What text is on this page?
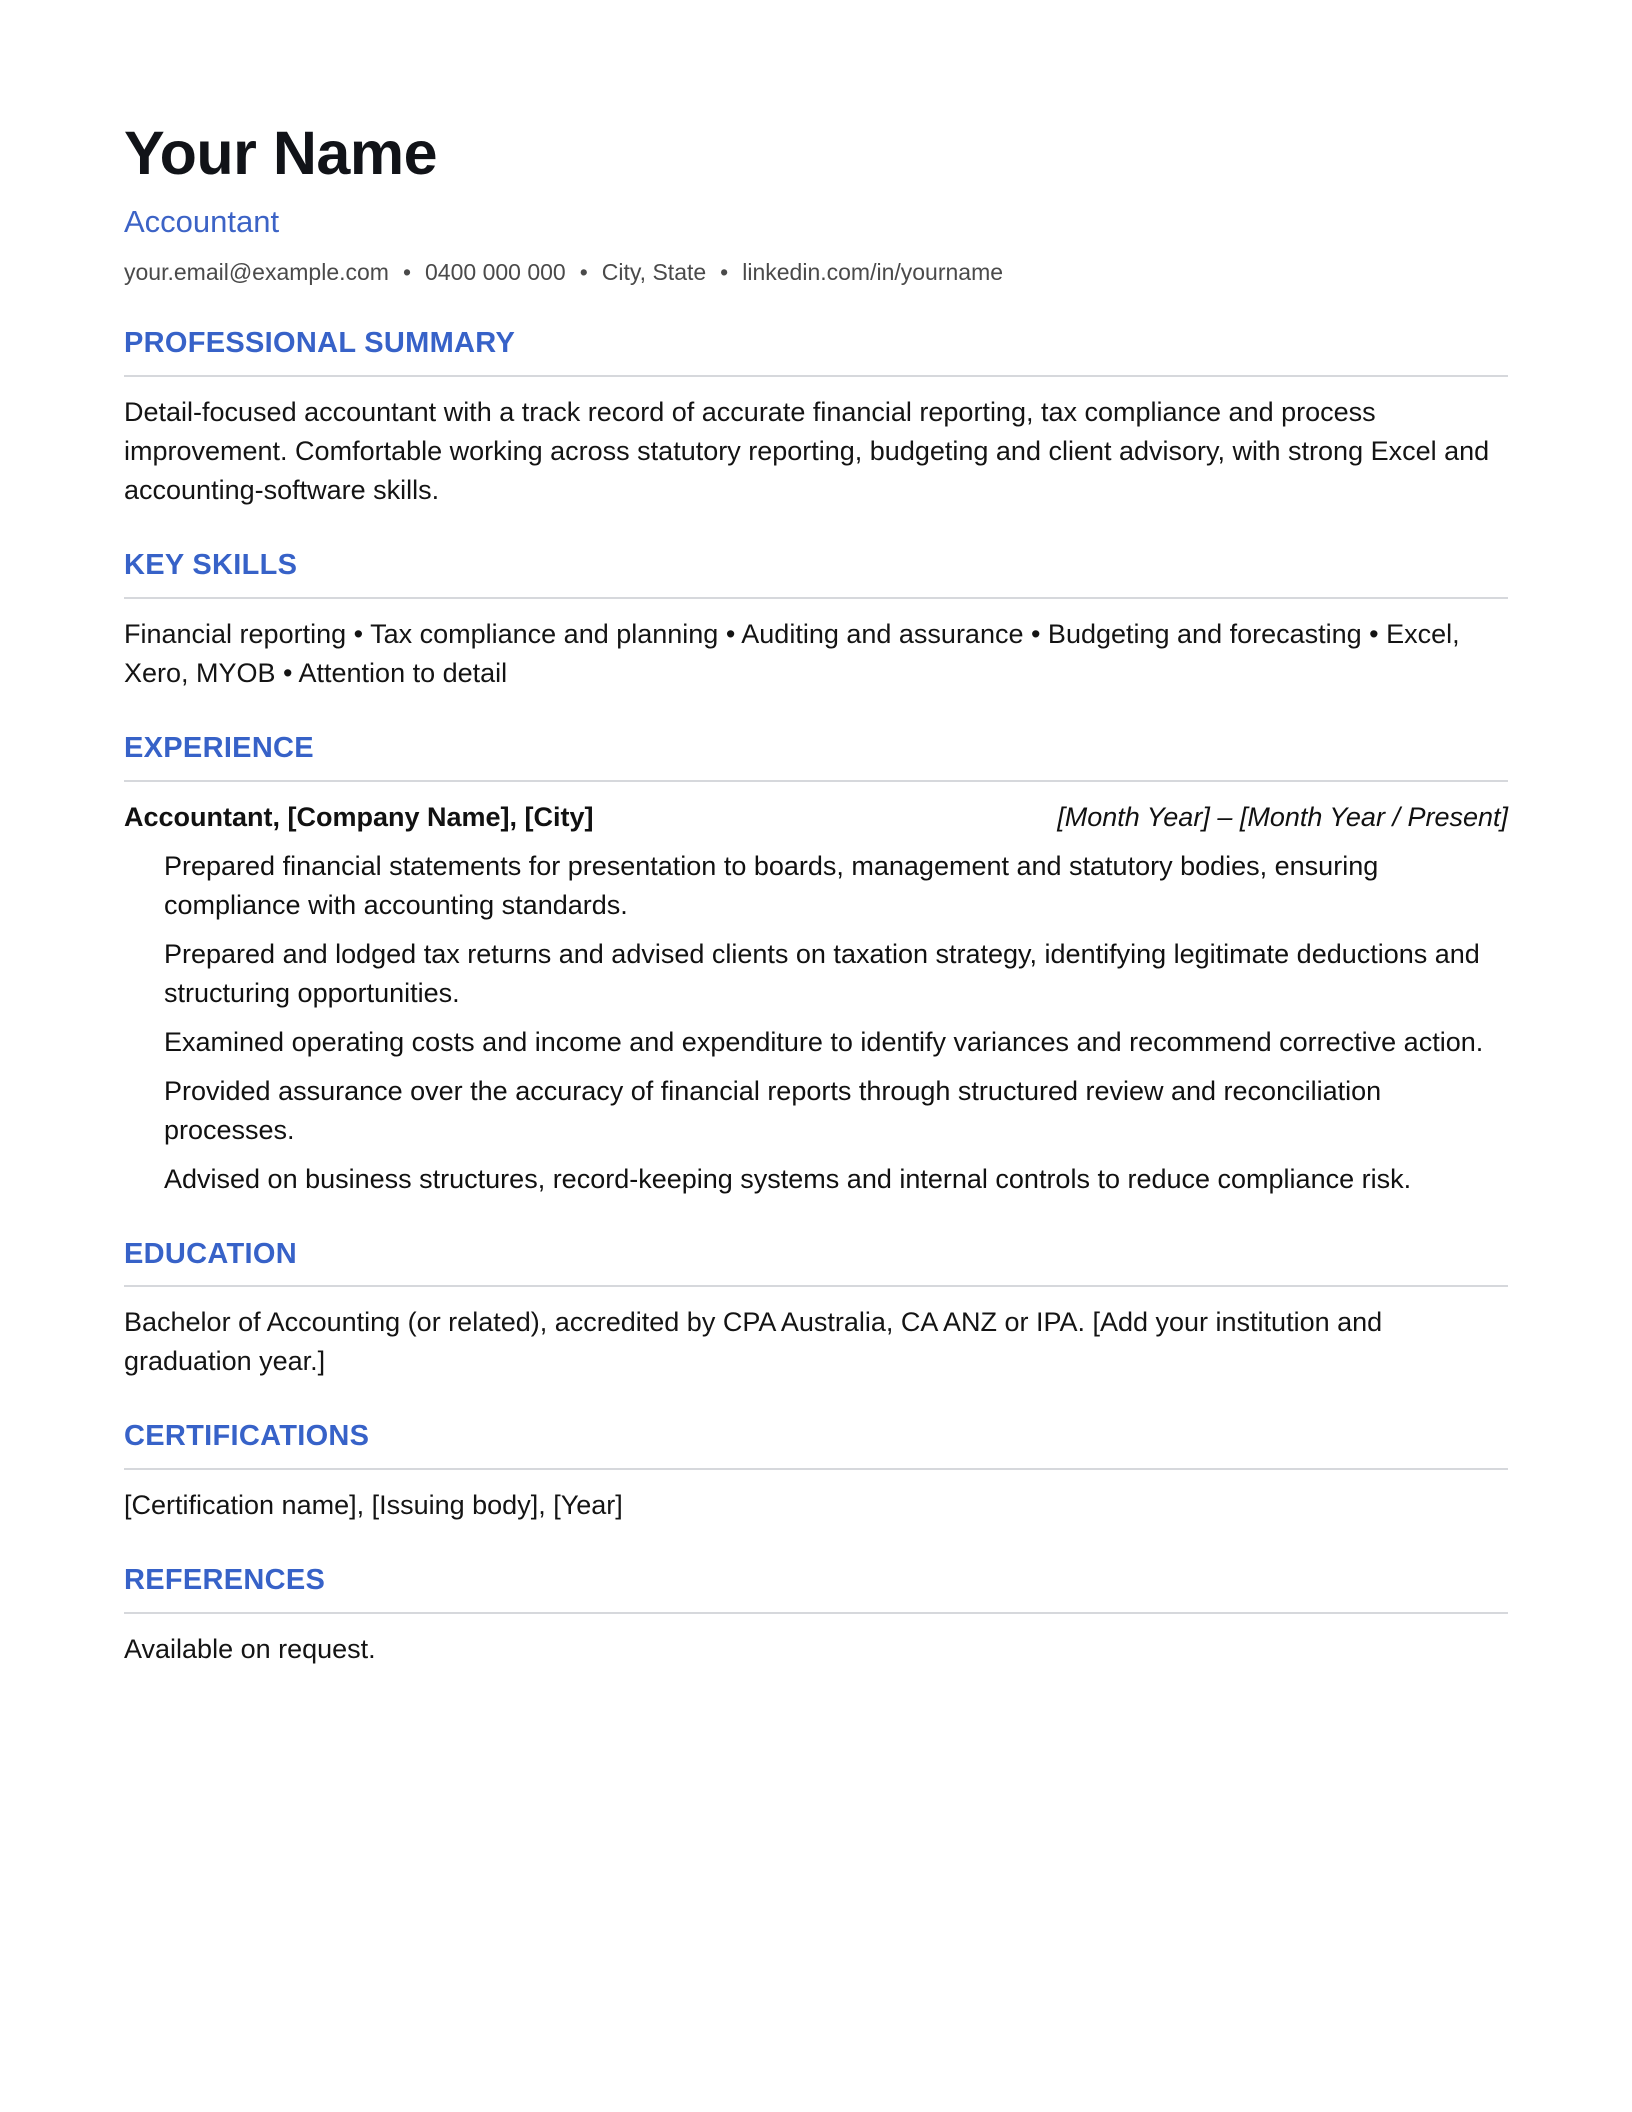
Your Name
Accountant
your.email@example.com • 0400 000 000 • City, State • linkedin.com/in/yourname
PROFESSIONAL SUMMARY
Detail-focused accountant with a track record of accurate financial reporting, tax compliance and process improvement. Comfortable working across statutory reporting, budgeting and client advisory, with strong Excel and accounting-software skills.
KEY SKILLS
Financial reporting • Tax compliance and planning • Auditing and assurance • Budgeting and forecasting • Excel, Xero, MYOB • Attention to detail
EXPERIENCE
Accountant, [Company Name], [City]	[Month Year] – [Month Year / Present]
Prepared financial statements for presentation to boards, management and statutory bodies, ensuring compliance with accounting standards.
Prepared and lodged tax returns and advised clients on taxation strategy, identifying legitimate deductions and structuring opportunities.
Examined operating costs and income and expenditure to identify variances and recommend corrective action.
Provided assurance over the accuracy of financial reports through structured review and reconciliation processes.
Advised on business structures, record-keeping systems and internal controls to reduce compliance risk.
EDUCATION
Bachelor of Accounting (or related), accredited by CPA Australia, CA ANZ or IPA. [Add your institution and graduation year.]
CERTIFICATIONS
[Certification name], [Issuing body], [Year]
REFERENCES
Available on request.
